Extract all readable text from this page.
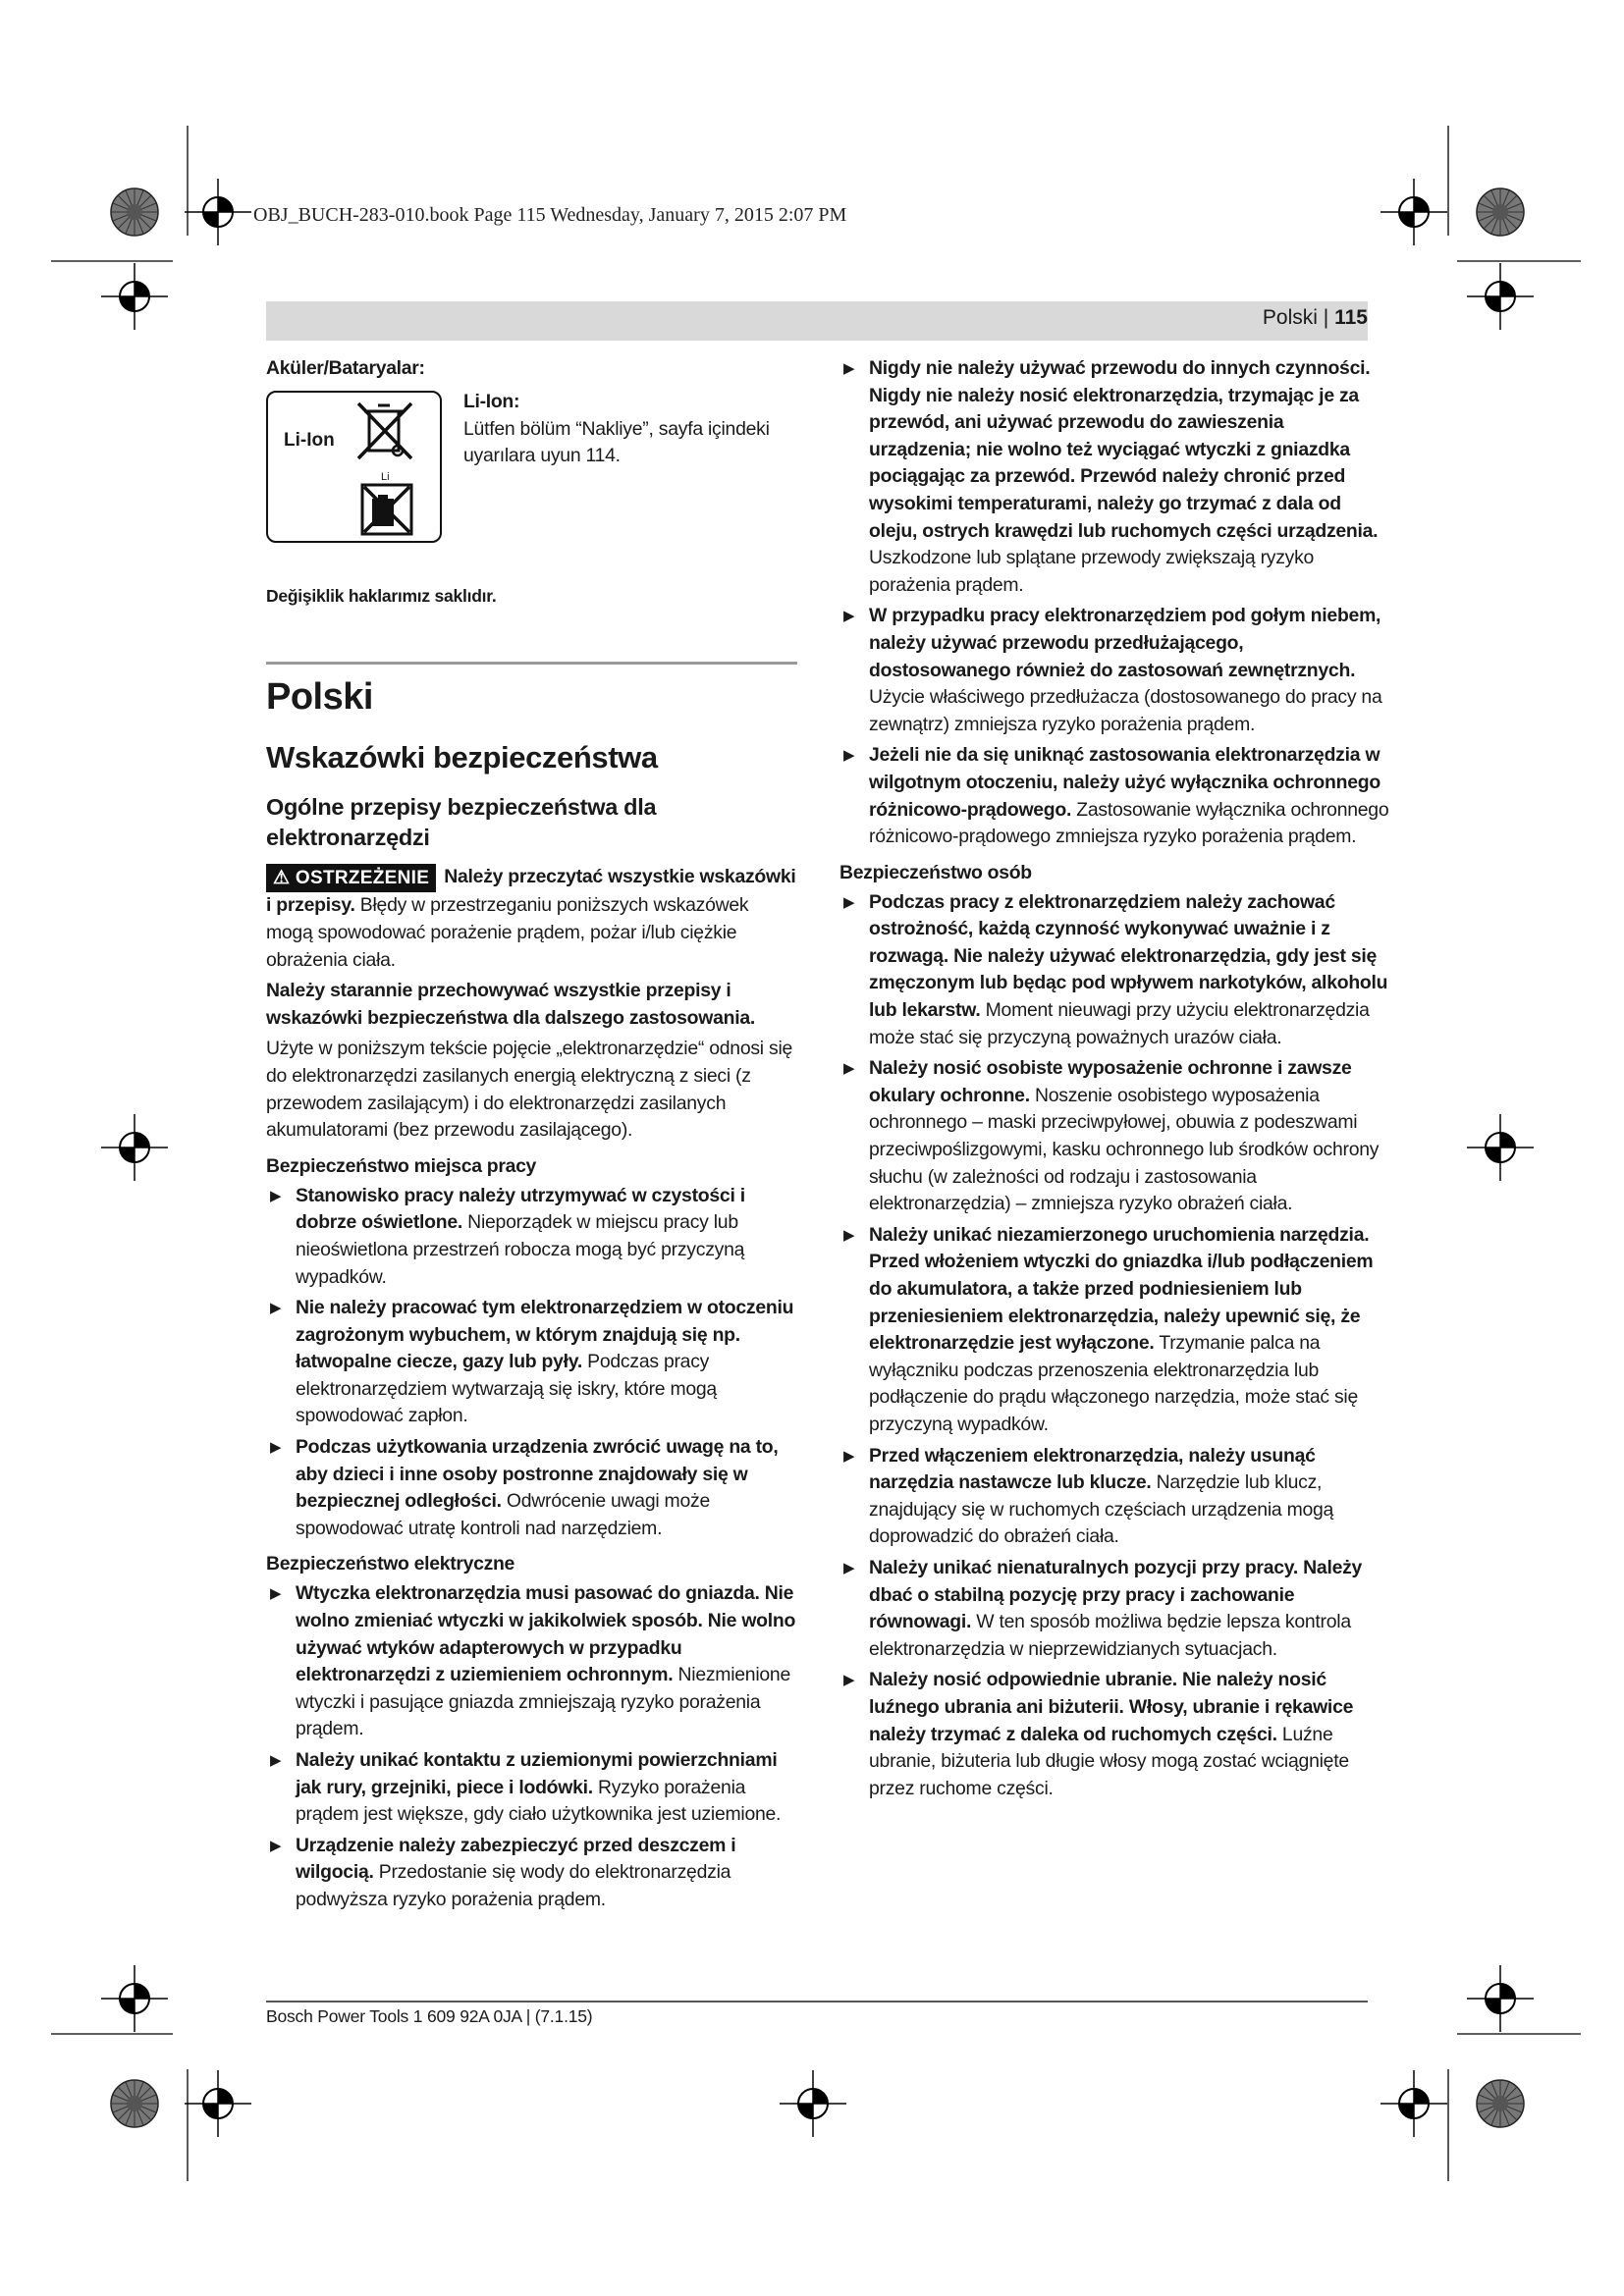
OBJ_BUCH-283-010.book Page 115 Wednesday, January 7, 2015 2:07 PM
Polski | 115
Li-Ion
Li

Aküler/Bataryalar:

Li-Ion:

Lütfen bölüm “Nakliye”, sayfa içindeki uyarılara uyun 114.

Değişiklik haklarımız saklıdır.

Polski

Wskazówki bezpieczeństwa

Ogólne przepisy bezpieczeństwa dla elektronarzędzi

⚠ OSTRZEŻENIE Należy przeczytać wszystkie wskazówki i przepisy. Błędy w przestrzeganiu poniższych wskazówek mogą spowodować porażenie prądem, pożar i/lub ciężkie obrażenia ciała.

Należy starannie przechowywać wszystkie przepisy i wskazówki bezpieczeństwa dla dalszego zastosowania.

Użyte w poniższym tekście pojęcie „elektronarzędzie“ odnosi się do elektronarzędzi zasilanych energią elektryczną z sieci (z przewodem zasilającym) i do elektronarzędzi zasilanych akumulatorami (bez przewodu zasilającego).

Bezpieczeństwo miejsca pracy

▶ Stanowisko pracy należy utrzymywać w czystości i dobrze oświetlone. Nieporządek w miejscu pracy lub nieoświetlona przestrzeń robocza mogą być przyczyną wypadków.
▶ Nie należy pracować tym elektronarzędziem w otoczeniu zagrożonym wybuchem, w którym znajdują się np. łatwopalne ciecze, gazy lub pyły. Podczas pracy elektronarzędziem wytwarzają się iskry, które mogą spowodować zapłon.
▶ Podczas użytkowania urządzenia zwrócić uwagę na to, aby dzieci i inne osoby postronne znajdowały się w bezpiecznej odległości. Odwrócenie uwagi może spowodować utratę kontroli nad narzędziem.

Bezpieczeństwo elektryczne

▶ Wtyczka elektronarzędzia musi pasować do gniazda. Nie wolno zmieniać wtyczki w jakikolwiek sposób. Nie wolno używać wtyków adapterowych w przypadku elektronarzędzi z uziemieniem ochronnym. Niezmienione wtyczki i pasujące gniazda zmniejszają ryzyko porażenia prądem.
▶ Należy unikać kontaktu z uziemionymi powierzchniami jak rury, grzejniki, piece i lodówki. Ryzyko porażenia prądem jest większe, gdy ciało użytkownika jest uziemione.
▶ Urządzenie należy zabezpieczyć przed deszczem i wilgocią. Przedostanie się wody do elektronarzędzia podwyższa ryzyko porażenia prądem.
▶ Nigdy nie należy używać przewodu do innych czynności. Nigdy nie należy nosić elektronarzędzia, trzymając je za przewód, ani używać przewodu do zawieszenia urządzenia; nie wolno też wyciągać wtyczki z gniazdka pociągając za przewód. Przewód należy chronić przed wysokimi temperaturami, należy go trzymać z dala od oleju, ostrych krawędzi lub ruchomych części urządzenia. Uszkodzone lub splątane przewody zwiększają ryzyko porażenia prądem.
▶ W przypadku pracy elektronarzędziem pod gołym niebem, należy używać przewodu przedłużającego, dostosowanego również do zastosowań zewnętrznych. Użycie właściwego przedłużacza (dostosowanego do pracy na zewnątrz) zmniejsza ryzyko porażenia prądem.
▶ Jeżeli nie da się uniknąć zastosowania elektronarzędzia w wilgotnym otoczeniu, należy użyć wyłącznika ochronnego różnicowo-prądowego. Zastosowanie wyłącznika ochronnego różnicowo-prądowego zmniejsza ryzyko porażenia prądem.

Bezpieczeństwo osób

▶ Podczas pracy z elektronarzędziem należy zachować ostrożność, każdą czynność wykonywać uważnie i z rozwagą. Nie należy używać elektronarzędzia, gdy jest się zmęczonym lub będąc pod wpływem narkotyków, alkoholu lub lekarstw. Moment nieuwagi przy użyciu elektronarzędzia może stać się przyczyną poważnych urazów ciała.
▶ Należy nosić osobiste wyposażenie ochronne i zawsze okulary ochronne. Noszenie osobistego wyposażenia ochronnego – maski przeciwpyłowej, obuwia z podeszwami przeciwpoślizgowymi, kasku ochronnego lub środków ochrony słuchu (w zależności od rodzaju i zastosowania elektronarzędzia) – zmniejsza ryzyko obrażeń ciała.
▶ Należy unikać niezamierzonego uruchomienia narzędzia. Przed włożeniem wtyczki do gniazdka i/lub podłączeniem do akumulatora, a także przed podniesieniem lub przeniesieniem elektronarzędzia, należy upewnić się, że elektronarzędzie jest wyłączone. Trzymanie palca na wyłączniku podczas przenoszenia elektronarzędzia lub podłączenie do prądu włączonego narzędzia, może stać się przyczyną wypadków.
▶ Przed włączeniem elektronarzędzia, należy usunąć narzędzia nastawcze lub klucze. Narzędzie lub klucz, znajdujący się w ruchomych częściach urządzenia mogą doprowadzić do obrażeń ciała.
▶ Należy unikać nienaturalnych pozycji przy pracy. Należy dbać o stabilną pozycję przy pracy i zachowanie równowagi. W ten sposób możliwa będzie lepsza kontrola elektronarzędzia w nieprzewidzianych sytuacjach.
▶ Należy nosić odpowiednie ubranie. Nie należy nosić luźnego ubrania ani biżuterii. Włosy, ubranie i rękawice należy trzymać z daleka od ruchomych części. Luźne ubranie, biżuteria lub długie włosy mogą zostać wciągnięte przez ruchome części.
Bosch Power Tools 1 609 92A 0JA | (7.1.15)
